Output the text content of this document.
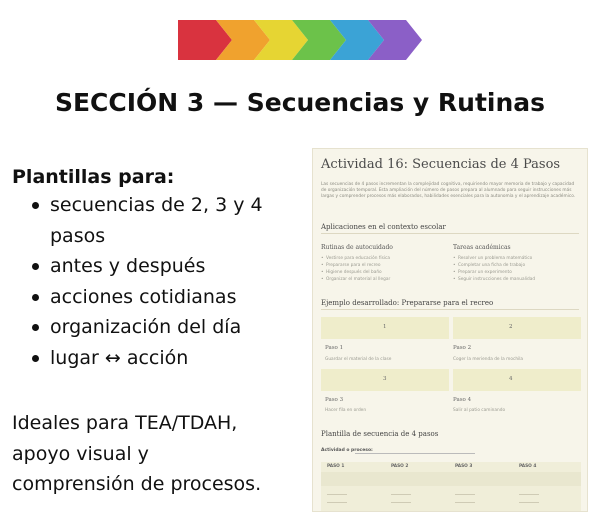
SECCIÓN 3 — Secuencias y Rutinas
Plantillas para:
secuencias de 2, 3 y 4 pasos
antes y después
acciones cotidianas
organización del día
lugar ↔ acción
Ideales para TEA/TDAH,
apoyo visual y
comprensión de procesos.
Actividad 16: Secuencias de 4 Pasos
Las secuencias de 4 pasos incrementan la complejidad cognitiva, requiriendo mayor memoria de trabajo y capacidad de organización temporal. Esta ampliación del número de pasos prepara al alumnado para seguir instrucciones más largas y comprender procesos más elaborados, habilidades esenciales para la autonomía y el aprendizaje académico.
Aplicaciones en el contexto escolar
Rutinas de autocuidado
• Vestirse para educación física
• Prepararse para el recreo
• Higiene después del baño
• Organizar el material al llegar
Tareas académicas
• Resolver un problema matemático
• Completar una ficha de trabajo
• Preparar un experimento
• Seguir instrucciones de manualidad
Ejemplo desarrollado: Prepararse para el recreo
1	2
Paso 1	Paso 2
Guardar el material de la clase	Coger la merienda de la mochila
3	4
Paso 3	Paso 4
Hacer fila en orden	Salir al patio caminando
Plantilla de secuencia de 4 pasos
Actividad o proceso:
PASO 1	PASO 2	PASO 3	PASO 4
